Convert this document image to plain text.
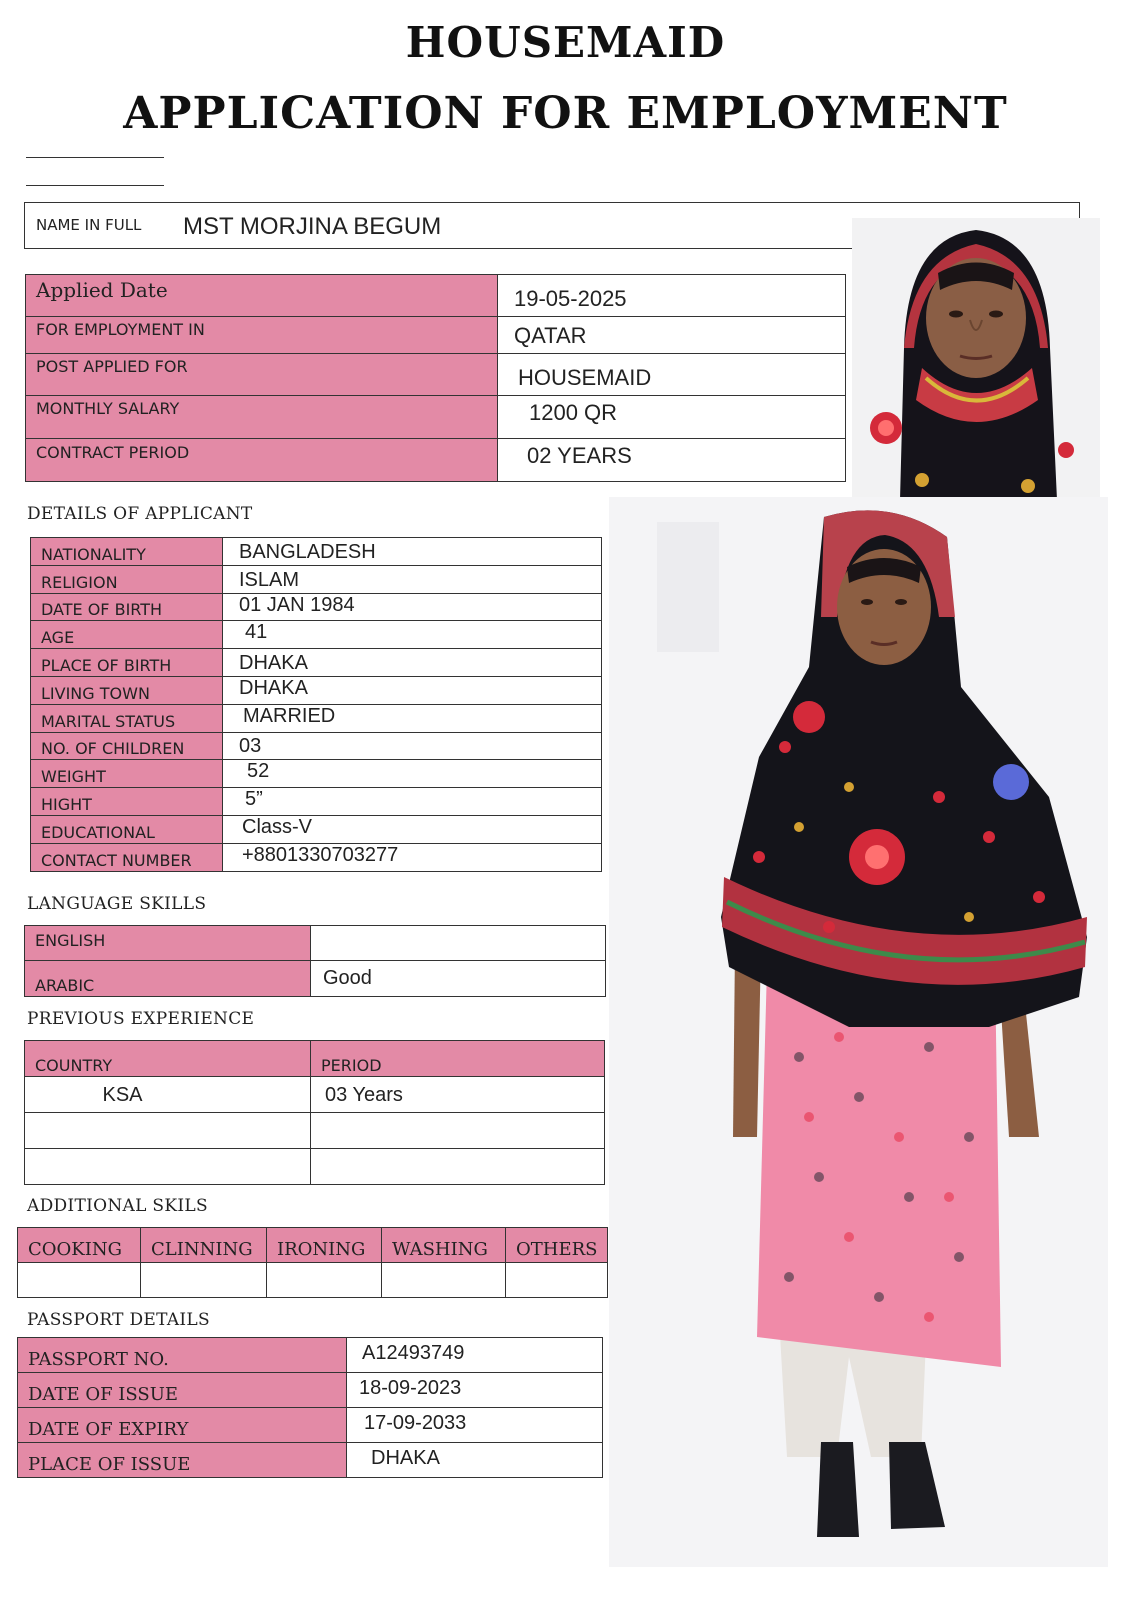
HOUSEMAID
APPLICATION FOR EMPLOYMENT
NAME IN FULL MST MORJINA BEGUM
Applied Date	19-05-2025
FOR EMPLOYMENT IN	QATAR
POST APPLIED FOR	HOUSEMAID
MONTHLY SALARY	1200 QR
CONTRACT PERIOD	02 YEARS
DETAILS OF APPLICANT
NATIONALITY	BANGLADESH
RELIGION	ISLAM
DATE OF BIRTH	01 JAN 1984
AGE	41
PLACE OF BIRTH	DHAKA
LIVING TOWN	DHAKA
MARITAL STATUS	MARRIED
NO. OF CHILDREN	03
WEIGHT	52
HIGHT	5”
EDUCATIONAL	Class-V
CONTACT NUMBER	+8801330703277
LANGUAGE SKILLS
ENGLISH	
ARABIC	Good
PREVIOUS EXPERIENCE
COUNTRY	PERIOD
KSA	03 Years

ADDITIONAL SKILS
COOKING	CLINNING	IRONING	WASHING	OTHERS

PASSPORT DETAILS
PASSPORT NO.	A12493749
DATE OF ISSUE	18-09-2023
DATE OF EXPIRY	17-09-2033
PLACE OF ISSUE	DHAKA
